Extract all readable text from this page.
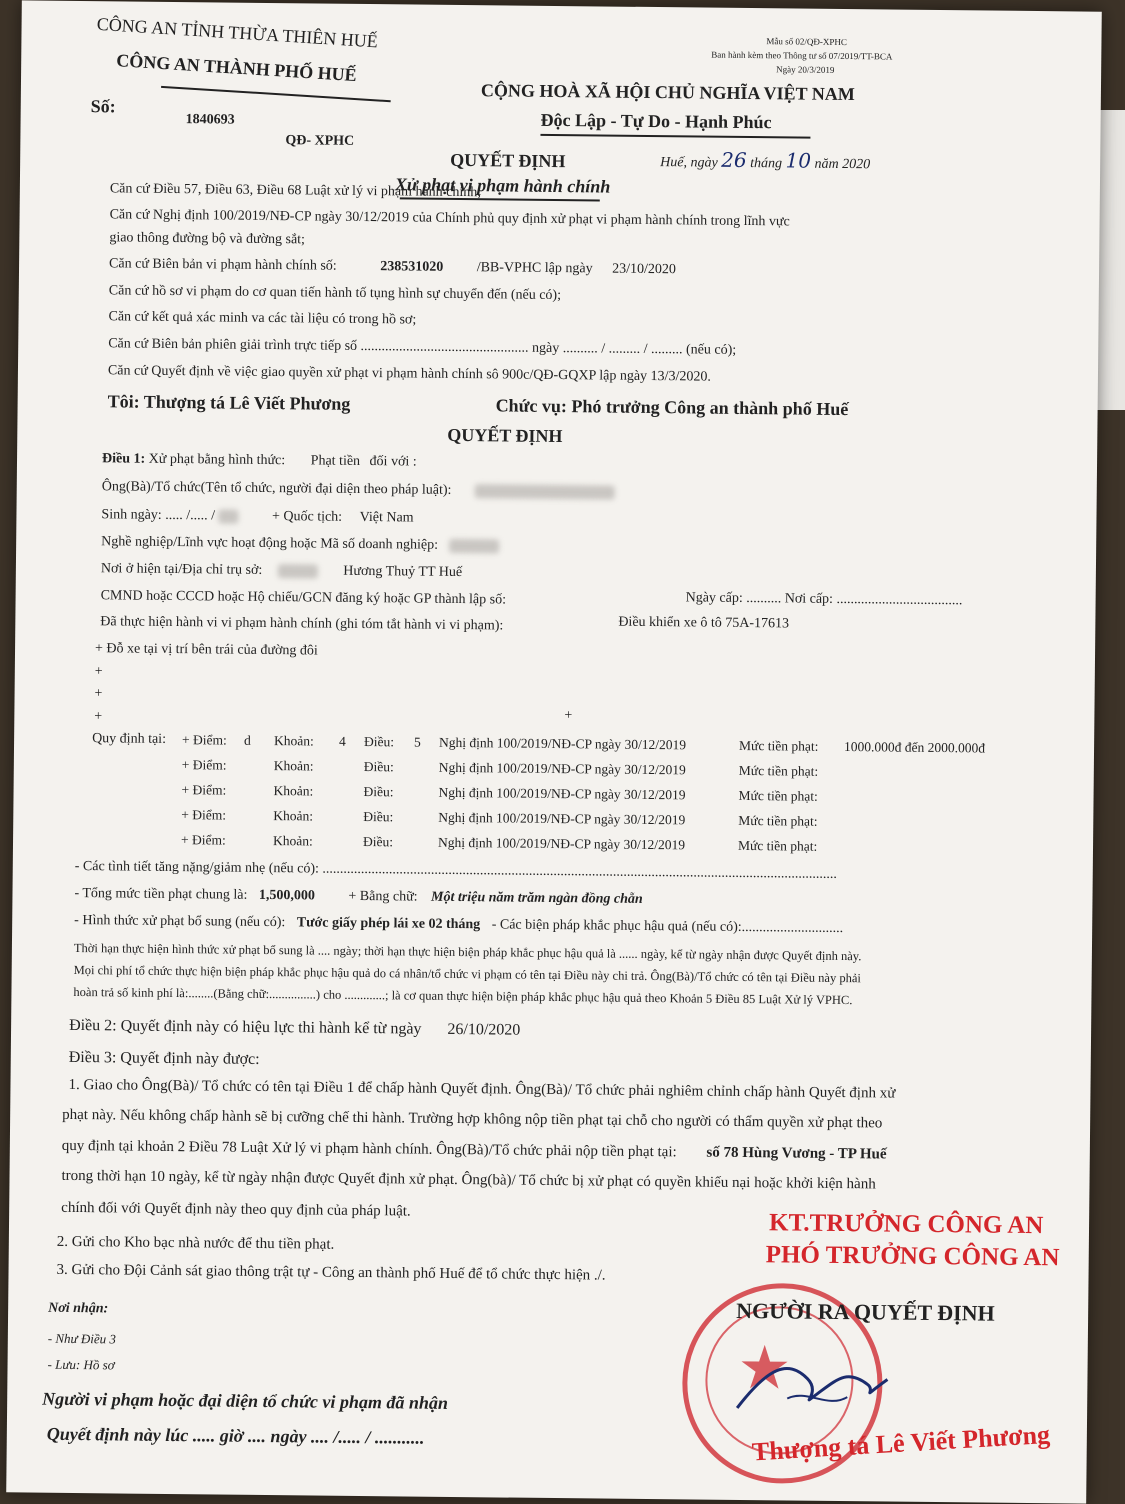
CÔNG AN TỈNH THỪA THIÊN HUẾ
CÔNG AN THÀNH PHỐ HUẾ
Số:
1840693
QĐ- XPHC
Mẫu số 02/QĐ-XPHC
Ban hành kèm theo Thông tư số 07/2019/TT-BCA
Ngày 20/3/2019
CỘNG HOÀ XÃ HỘI CHỦ NGHĨA VIỆT NAM
Độc Lập - Tự Do - Hạnh Phúc
Huế, ngày 26 tháng 10 năm 2020
QUYẾT ĐỊNH
Xử phạt vi phạm hành chính
Căn cứ Điều 57, Điều 63, Điều 68 Luật xử lý vi phạm hành chính;
Căn cứ Nghị định 100/2019/NĐ-CP ngày 30/12/2019 của Chính phủ quy định xử phạt vi phạm hành chính trong lĩnh vực
giao thông đường bộ và đường sắt;
Căn cứ Biên bản vi phạm hành chính số:	238531020 /BB-VPHC lập ngày 23/10/2020
Căn cứ hồ sơ vi phạm do cơ quan tiến hành tố tụng hình sự chuyển đến (nếu có);
Căn cứ kết quả xác minh va các tài liệu có trong hồ sơ;
Căn cứ Biên bản phiên giải trình trực tiếp số ................................................ ngày .......... / ......... / ......... (nếu có);
Căn cứ Quyết định về việc giao quyền xử phạt vi phạm hành chính sô 900c/QĐ-GQXP lập ngày 13/3/2020.
Tôi: Thượng tá Lê Viết Phương	Chức vụ: Phó trưởng Công an thành phố Huế
QUYẾT ĐỊNH
Điều 1: Xử phạt bằng hình thức: Phạt tiền đối với :
Ông(Bà)/Tổ chức(Tên tổ chức, người đại diện theo pháp luật):
Sinh ngày: ..... /..... /	+ Quốc tịch: Việt Nam
Nghề nghiệp/Lĩnh vực hoạt động hoặc Mã số doanh nghiệp:
Nơi ở hiện tại/Địa chỉ trụ sở:	Hương Thuỷ TT Huế
CMND hoặc CCCD hoặc Hộ chiếu/GCN đăng ký hoặc GP thành lập số:	Ngày cấp: .......... Nơi cấp: ....................................
Đã thực hiện hành vi vi phạm hành chính (ghi tóm tắt hành vi vi phạm):	Điều khiển xe ô tô 75A-17613
+ Đỗ xe tại vị trí bên trái của đường đôi
+
+
+	+
Quy định tại: + Điểm: d Khoản: 4 Điều: 5 Nghị định 100/2019/NĐ-CP ngày 30/12/2019	Mức tiền phạt: 1000.000đ đến 2000.000đ
+ Điểm:	Khoản:	Điều:	Nghị định 100/2019/NĐ-CP ngày 30/12/2019	Mức tiền phạt:
+ Điểm:	Khoản:	Điều:	Nghị định 100/2019/NĐ-CP ngày 30/12/2019	Mức tiền phạt:
+ Điểm:	Khoản:	Điều:	Nghị định 100/2019/NĐ-CP ngày 30/12/2019	Mức tiền phạt:
+ Điểm:	Khoản:	Điều:	Nghị định 100/2019/NĐ-CP ngày 30/12/2019	Mức tiền phạt:
- Các tình tiết tăng nặng/giảm nhẹ (nếu có): ...................................................................................................................................................
- Tổng mức tiền phạt chung là: 1,500,000 + Bằng chữ: Một triệu năm trăm ngàn đồng chẵn
- Hình thức xử phạt bổ sung (nếu có): Tước giấy phép lái xe 02 tháng - Các biện pháp khắc phục hậu quả (nếu có):.............................
Thời hạn thực hiện hình thức xử phạt bổ sung là .... ngày; thời hạn thực hiện biện pháp khắc phục hậu quả là ...... ngày, kể từ ngày nhận được Quyết định này.
Mọi chi phí tổ chức thực hiện biện pháp khắc phục hậu quả do cá nhân/tổ chức vi phạm có tên tại Điều này chi trả. Ông(Bà)/Tổ chức có tên tại Điều này phải
hoàn trả số kinh phí là:........(Bằng chữ:...............) cho .............; là cơ quan thực hiện biện pháp khắc phục hậu quả theo Khoản 5 Điều 85 Luật Xử lý VPHC.
Điều 2: Quyết định này có hiệu lực thi hành kể từ ngày 26/10/2020
Điều 3: Quyết định này được:
1. Giao cho Ông(Bà)/ Tổ chức có tên tại Điều 1 để chấp hành Quyết định. Ông(Bà)/ Tổ chức phải nghiêm chỉnh chấp hành Quyết định xử
phạt này. Nếu không chấp hành sẽ bị cưỡng chế thi hành. Trường hợp không nộp tiền phạt tại chỗ cho người có thẩm quyền xử phạt theo
quy định tại khoản 2 Điều 78 Luật Xử lý vi phạm hành chính. Ông(Bà)/Tổ chức phải nộp tiền phạt tại: số 78 Hùng Vương - TP Huế
trong thời hạn 10 ngày, kể từ ngày nhận được Quyết định xử phạt. Ông(bà)/ Tổ chức bị xử phạt có quyền khiếu nại hoặc khởi kiện hành
chính đối với Quyết định này theo quy định của pháp luật.
2. Gửi cho Kho bạc nhà nước để thu tiền phạt.
3. Gửi cho Đội Cảnh sát giao thông trật tự - Công an thành phố Huế để tổ chức thực hiện ./.
Nơi nhận:
- Như Điều 3
- Lưu: Hồ sơ
Người vi phạm hoặc đại diện tổ chức vi phạm đã nhận
Quyết định này lúc ..... giờ .... ngày .... /..... / ...........
KT.TRƯỞNG CÔNG AN
PHÓ TRƯỞNG CÔNG AN
★
NGƯỜI RA QUYẾT ĐỊNH
Thượng tá Lê Viết Phương
